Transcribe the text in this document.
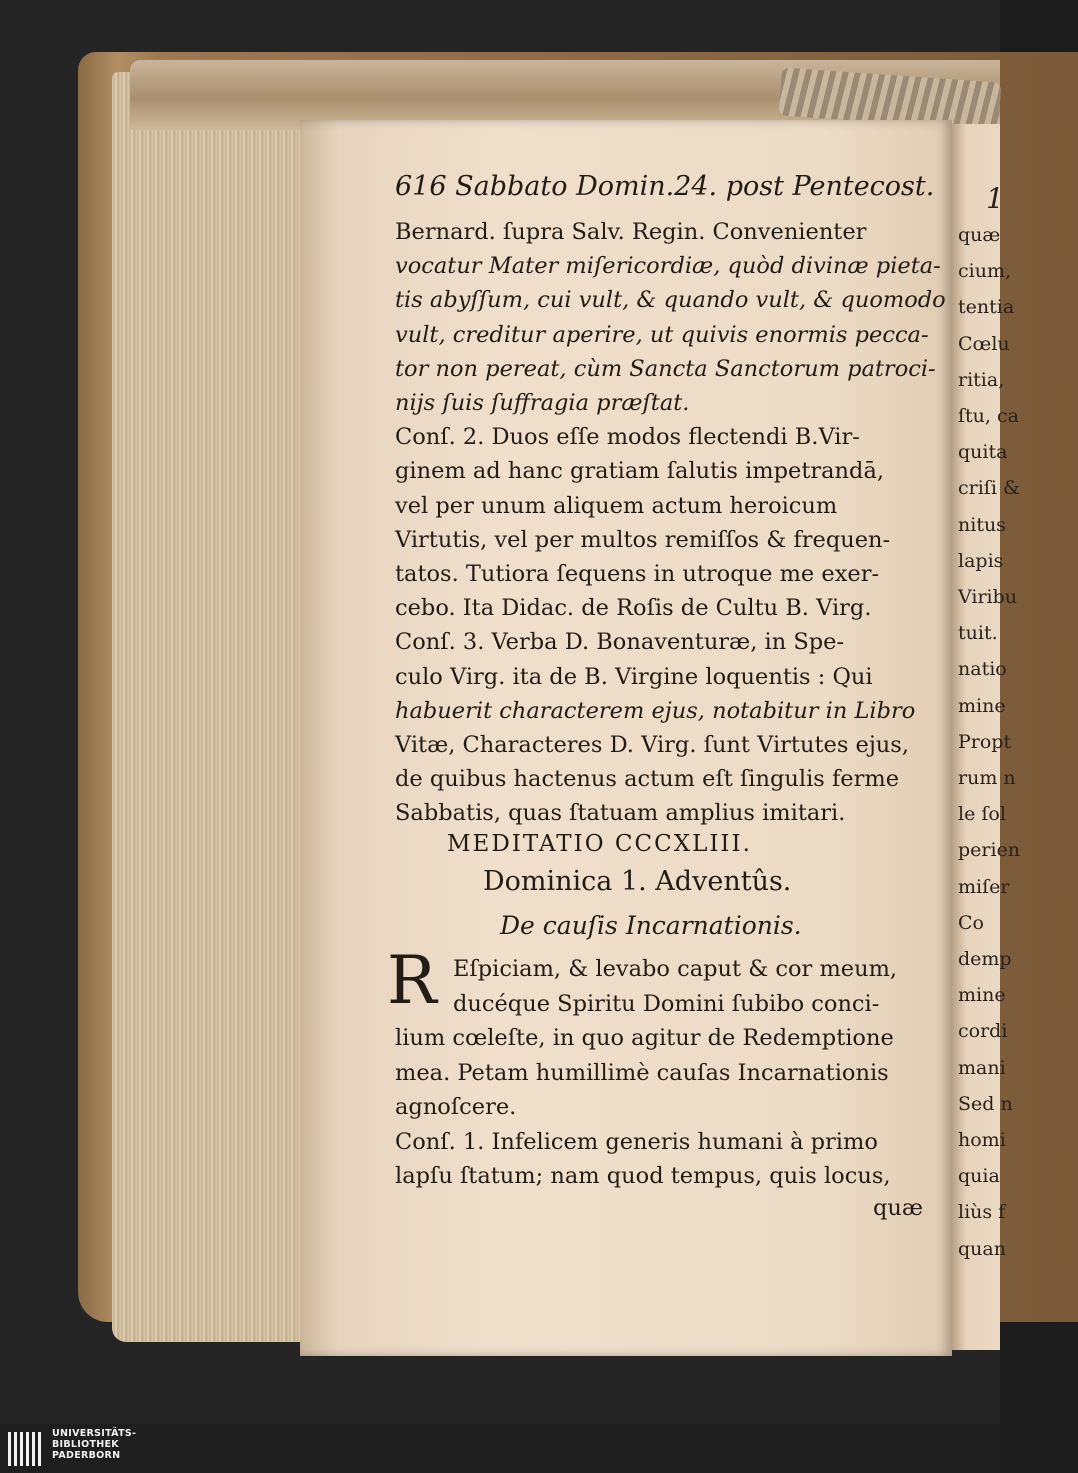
1
quæ
cium,
tentia
Cœlu
ritia,
ſtu, ca
quita
criſi &
nitus
lapis
Viribu
tuit.
natio
mine
Propt
rum n
le ſol
perien
miſer
Co
demp
mine
cordi
mani
Sed n
homi
quia
liùs f
quan
616 Sabbato Domin.24. post Pentecost.
Bernard. ſupra Salv. Regin. Convenienter
vocatur Mater miſericordiæ, quòd divinæ pieta-
tis abyſſum, cui vult, & quando vult, & quomodo
vult, creditur aperire, ut quivis enormis pecca-
tor non pereat, cùm Sancta Sanctorum patroci-
nijs ſuis ſuffragia præſtat.
Conſ. 2. Duos eſſe modos flectendi B.Vir-
ginem ad hanc gratiam ſalutis impetrandā,
vel per unum aliquem actum heroicum
Virtutis, vel per multos remiſſos & frequen-
tatos. Tutiora ſequens in utroque me exer-
cebo. Ita Didac. de Roſis de Cultu B. Virg.
Conſ. 3. Verba D. Bonaventuræ, in Spe-
culo Virg. ita de B. Virgine loquentis : Qui
habuerit characterem ejus, notabitur in Libro
Vitæ, Characteres D. Virg. ſunt Virtutes ejus,
de quibus hactenus actum eſt ſingulis ferme
Sabbatis, quas ſtatuam amplius imitari.
MEDITATIO CCCXLIII.
Dominica 1. Adventûs.
De cauſis Incarnationis.
R Eſpiciam, & levabo caput & cor meum,
ducéque Spiritu Domini ſubibo conci-
lium cœleſte, in quo agitur de Redemptione
mea. Petam humillimè cauſas Incarnationis
agnoſcere.
Conſ. 1. Infelicem generis humani à primo
lapſu ſtatum; nam quod tempus, quis locus,
quæ
UNIVERSITÄTS-
BIBLIOTHEK
PADERBORN
